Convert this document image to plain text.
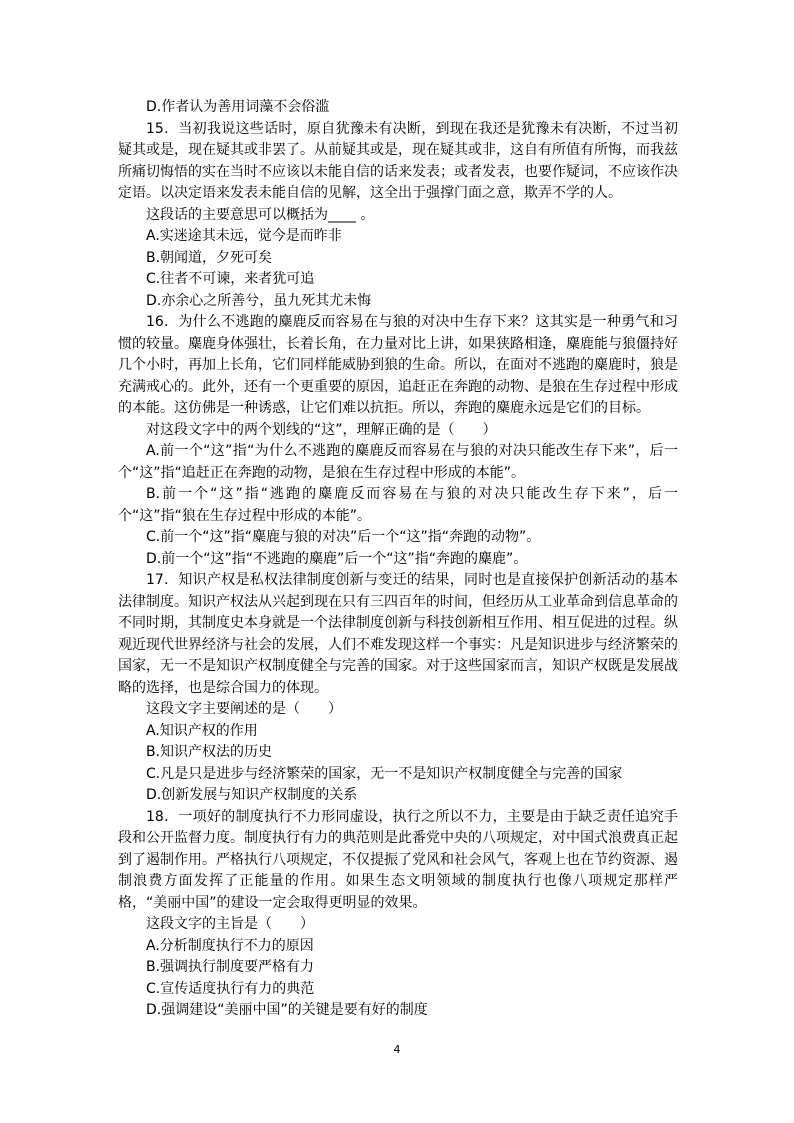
D.作者认为善用词藻不会俗滥

15．当初我说这些话时，原自犹豫未有决断，到现在我还是犹豫未有决断，不过当初疑其或是，现在疑其或非罢了。从前疑其或是，现在疑其或非，这自有所值有所悔，而我兹所痛切悔悟的实在当时不应该以未能自信的话来发表；或者发表，也要作疑词，不应该作决定语。以决定语来发表未能自信的见解，这全出于强撑门面之意，欺弄不学的人。

这段话的主要意思可以概括为____ 。

A.实迷途其未远，觉今是而昨非

B.朝闻道，夕死可矣

C.往者不可谏，来者犹可追

D.亦余心之所善兮，虽九死其尤未悔

16．为什么不逃跑的麋鹿反而容易在与狼的对决中生存下来？这其实是一种勇气和习惯的较量。麋鹿身体强壮，长着长角，在力量对比上讲，如果狭路相逢，麋鹿能与狼僵持好几个小时，再加上长角，它们同样能威胁到狼的生命。所以，在面对不逃跑的麋鹿时，狼是充满戒心的。此外，还有一个更重要的原因，追赶正在奔跑的动物、是狼在生存过程中形成的本能。这仿佛是一种诱惑，让它们难以抗拒。所以，奔跑的麋鹿永远是它们的目标。

对这段文字中的两个划线的“这”，理解正确的是（　　）

A.前一个“这”指“为什么不逃跑的麋鹿反而容易在与狼的对决只能改生存下来”，后一个“这”指“追赶正在奔跑的动物，是狼在生存过程中形成的本能”。

B.前一个“这”指“逃跑的麋鹿反而容易在与狼的对决只能改生存下来”，后一个“这”指“狼在生存过程中形成的本能”。

C.前一个“这”指“麋鹿与狼的对决”后一个“这”指“奔跑的动物”。

D.前一个“这”指“不逃跑的麋鹿”后一个“这”指“奔跑的麋鹿”。

17．知识产权是私权法律制度创新与变迁的结果，同时也是直接保护创新活动的基本法律制度。知识产权法从兴起到现在只有三四百年的时间，但经历从工业革命到信息革命的不同时期，其制度史本身就是一个法律制度创新与科技创新相互作用、相互促进的过程。纵观近现代世界经济与社会的发展，人们不难发现这样一个事实：凡是知识进步与经济繁荣的国家，无一不是知识产权制度健全与完善的国家。对于这些国家而言，知识产权既是发展战略的选择，也是综合国力的体现。

这段文字主要阐述的是（　　）

A.知识产权的作用

B.知识产权法的历史

C.凡是只是进步与经济繁荣的国家，无一不是知识产权制度健全与完善的国家

D.创新发展与知识产权制度的关系

18．一项好的制度执行不力形同虚设，执行之所以不力，主要是由于缺乏责任追究手段和公开监督力度。制度执行有力的典范则是此番党中央的八项规定，对中国式浪费真正起到了遏制作用。严格执行八项规定，不仅提振了党风和社会风气，客观上也在节约资源、遏制浪费方面发挥了正能量的作用。如果生态文明领域的制度执行也像八项规定那样严格，“美丽中国”的建设一定会取得更明显的效果。

这段文字的主旨是（　　）

A.分析制度执行不力的原因

B.强调执行制度要严格有力

C.宣传适度执行有力的典范

D.强调建设“美丽中国”的关键是要有好的制度

4
